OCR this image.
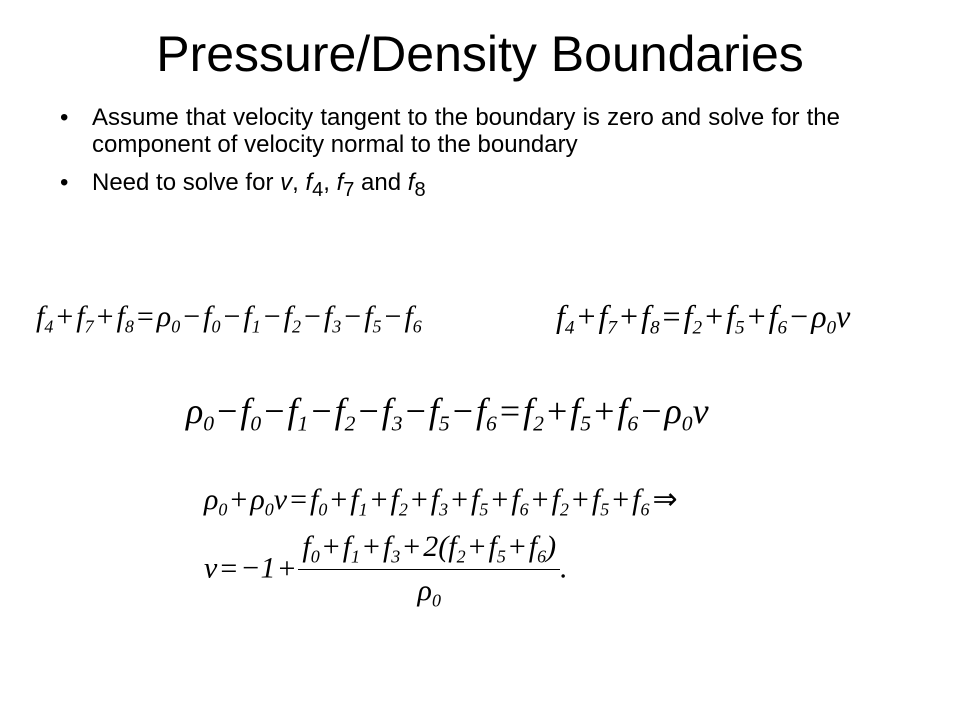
Pressure/Density Boundaries
• Assume that velocity tangent to the boundary is zero and solve for the component of velocity normal to the boundary
• Need to solve for v, $f_4$, $f_7$ and $f_8$
$f_4 + f_7 + f_8 = \rho_0 - f_0 - f_1 - f_2 - f_3 - f_5 - f_6$	$f_4+f_7+f_8=f_2+f_5+f_6-\rho_0v$
$\rho_0-f_0-f_1-f_2-f_3-f_5-f_6=f_2+f_5+f_6-\rho_0v$
$\rho_0 + \rho_0v = f_0 + f_1 + f_2 + f_3 + f_5 + f_6 + f_2 + f_5 + f_6$ ⇒
$v = -1 + \frac{f_0 + f_1 + f_3 + 2(f_2 + f_5 + f_6)}{\rho_0}$ .
